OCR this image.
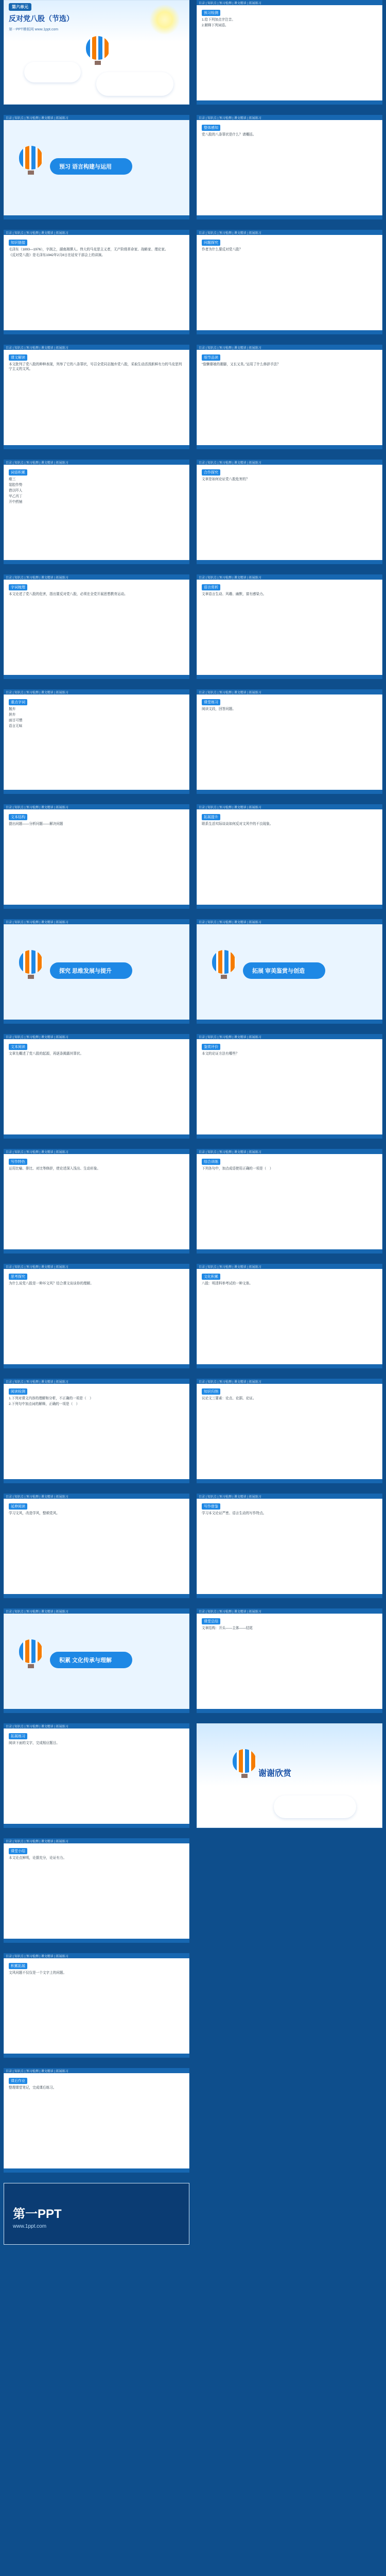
第六单元
反对党八股（节选）
第一PPT模板网 www.1ppt.com
目录 | 知识点 | 预习检测 | 课文精读 | 拓展练习
预习 语言构建与运用
目录 | 知识点 | 预习检测 | 课文精读 | 拓展练习
知识链接

毛泽东（1893—1976），字润之，湖南湘潭人。伟大的马克思主义者，无产阶级革命家、战略家、理论家。

《反对党八股》是毛泽东1942年2月8日在延安干部会上的讲演。

目录 | 知识点 | 预习检测 | 课文精读 | 拓展练习
课文解读

本文批判了党八股的种种表现，列举了它的八条罪状，号召全党同志抛弃党八股，采取生动活泼新鲜有力的马克思列宁主义的文风。

目录 | 知识点 | 预习检测 | 课文精读 | 拓展练习
词语积累

瘪三

装腔作势

借以吓人

甲乙丙丁

开中药铺

目录 | 知识点 | 预习检测 | 课文精读 | 拓展练习
字词梳理

本文论述了党八股的危害，指出要反对党八股，必须在全党开展思想教育运动。

目录 | 知识点 | 预习检测 | 课文精读 | 拓展练习
重点字词

抛弃

摈弃

面目可憎

语言无味

目录 | 知识点 | 预习检测 | 课文精读 | 拓展练习
文本结构

提出问题——分析问题——解决问题

目录 | 知识点 | 预习检测 | 课文精读 | 拓展练习
探究 思维发展与提升
目录 | 知识点 | 预习检测 | 课文精读 | 拓展练习
文本阅读

文章先概述了党八股的起源，再逐条揭露其罪状。

目录 | 知识点 | 预习检测 | 课文精读 | 拓展练习
写作特色

运用比喻、排比、对比等修辞，使论述深入浅出、生动形象。

目录 | 知识点 | 预习检测 | 课文精读 | 拓展练习
思考探究

为什么说党八股是一种坏文风？结合课文谈谈你的理解。

目录 | 知识点 | 预习检测 | 课文精读 | 拓展练习
阅读检测

1.下列对课文内容的理解和分析，不正确的一项是（　）

2.下列句中加点词的解释，正确的一项是（　）

目录 | 知识点 | 预习检测 | 课文精读 | 拓展练习
延伸阅读

学习文风，改造学风，整顿党风。

目录 | 知识点 | 预习检测 | 课文精读 | 拓展练习
积累 文化传承与理解
目录 | 知识点 | 预习检测 | 课文精读 | 拓展练习
拓展练习

阅读下面的文字，完成相应题目。

目录 | 知识点 | 预习检测 | 课文精读 | 拓展练习
课堂小结

本文论点鲜明，论据充分，论证有力。

目录 | 知识点 | 预习检测 | 课文精读 | 拓展练习
积累拓展

文风问题不仅仅是一个文字上的问题。

目录 | 知识点 | 预习检测 | 课文精读 | 拓展练习
课后作业

整理课堂笔记，完成课后练习。

第一PPT
www.1ppt.com
目录 | 知识点 | 预习检测 | 课文精读 | 拓展练习
预习检测

1.给下列加点字注音。

2.解释下列词语。

目录 | 知识点 | 预习检测 | 课文精读 | 拓展练习
整体感知

党八股的八条罪状是什么？请概括。

目录 | 知识点 | 预习检测 | 课文精读 | 拓展练习
问题探究

作者为什么要反对党八股？

目录 | 知识点 | 预习检测 | 课文精读 | 拓展练习
细节品读

“像懒婆娘的裹脚，又长又臭。”运用了什么修辞手法？

目录 | 知识点 | 预习检测 | 课文精读 | 拓展练习
合作探究

文章是如何论证党八股危害的？

目录 | 知识点 | 预习检测 | 课文精读 | 拓展练习
语言赏析

文章语言生动、风趣、幽默，富有感染力。

目录 | 知识点 | 预习检测 | 课文精读 | 拓展练习
课堂练习

阅读文段，回答问题。

目录 | 知识点 | 预习检测 | 课文精读 | 拓展练习
拓展提升

联系生活实际谈谈如何反对文风中的不良现象。

目录 | 知识点 | 预习检测 | 课文精读 | 拓展练习
拓展 审美鉴赏与创造
目录 | 知识点 | 预习检测 | 课文精读 | 拓展练习
鉴赏评价

本文的论证方法有哪些？

目录 | 知识点 | 预习检测 | 课文精读 | 拓展练习
综合训练

下列各句中，加点成语使用正确的一项是（　）

目录 | 知识点 | 预习检测 | 课文精读 | 拓展练习
文化积累

八股：明清科举考试的一种文体。

目录 | 知识点 | 预习检测 | 课文精读 | 拓展练习
知识归纳

议论文三要素：论点、论据、论证。

目录 | 知识点 | 预习检测 | 课文精读 | 拓展练习
写作借鉴

学习本文论证严密、语言生动的写作特点。

目录 | 知识点 | 预习检测 | 课文精读 | 拓展练习
课堂总结

文章结构：开头——主体——结尾

谢谢欣赏
